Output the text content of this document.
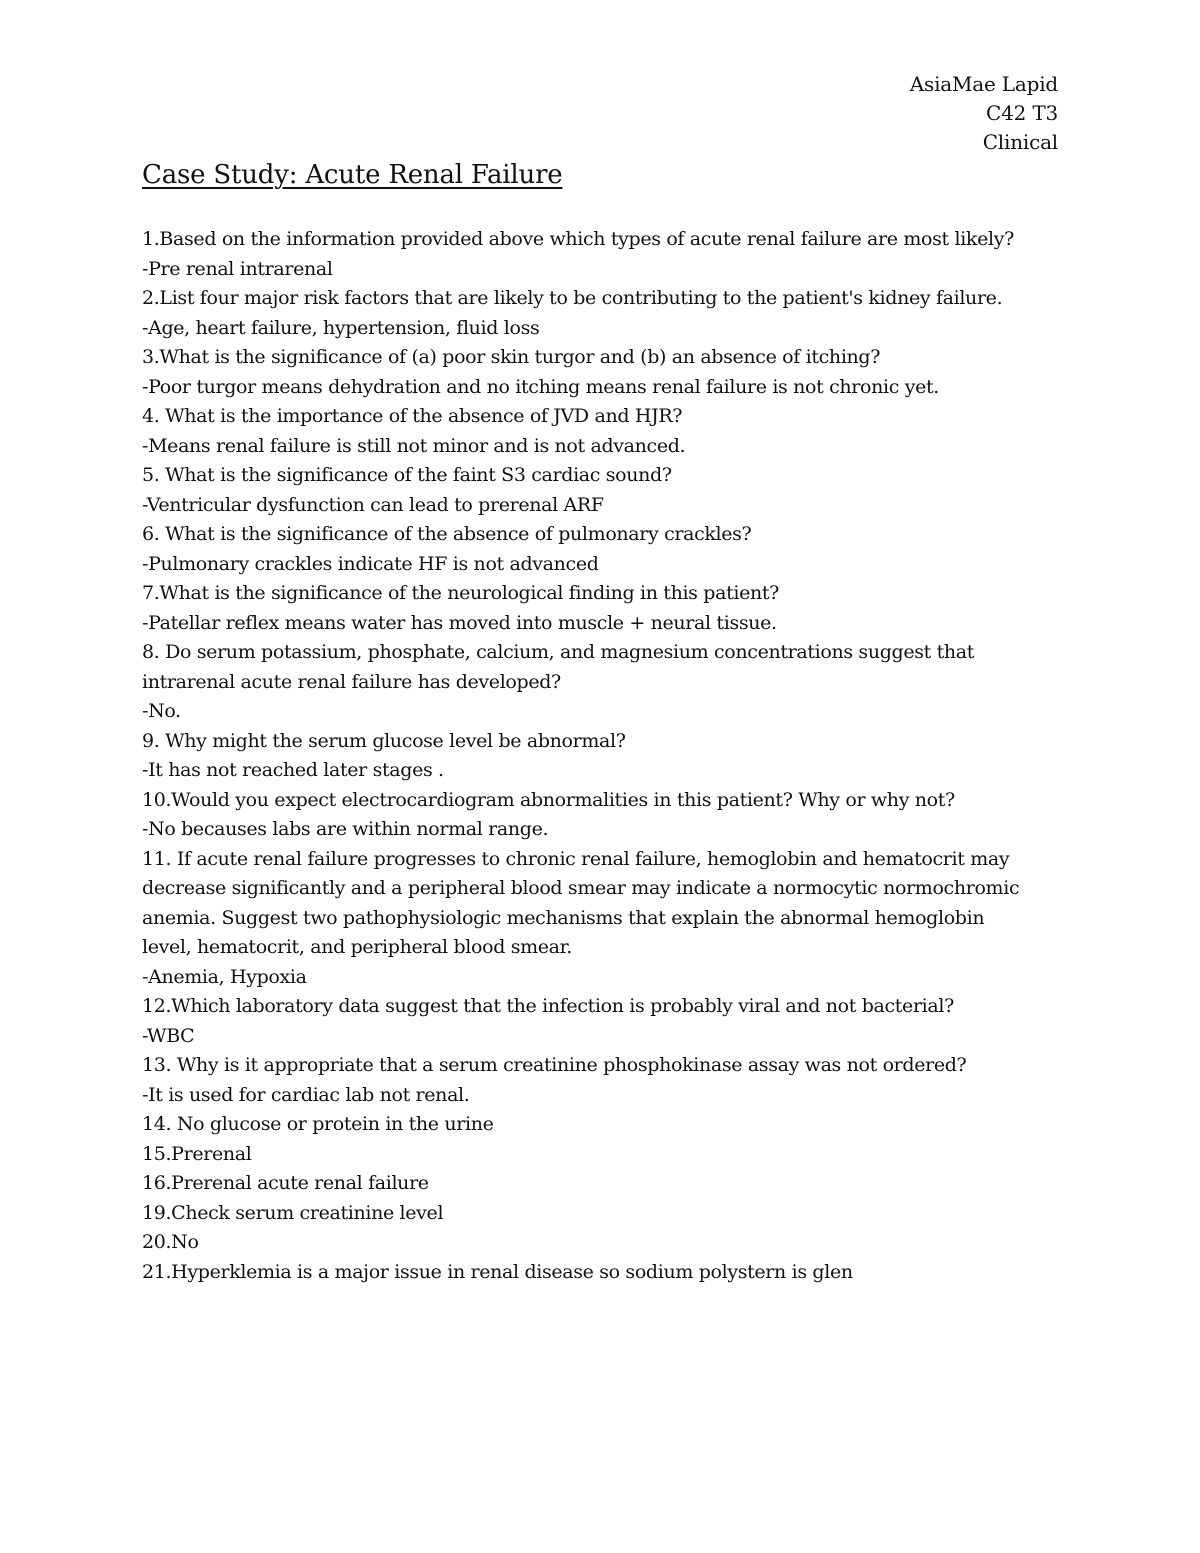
AsiaMae Lapid
C42 T3
Clinical
Case Study: Acute Renal Failure

1.Based on the information provided above which types of acute renal failure are most likely?

-Pre renal intrarenal

2.List four major risk factors that are likely to be contributing to the patient's kidney failure.

-Age, heart failure, hypertension, fluid loss

3.What is the significance of (a) poor skin turgor and (b) an absence of itching?

-Poor turgor means dehydration and no itching means renal failure is not chronic yet.

4. What is the importance of the absence of JVD and HJR?

-Means renal failure is still not minor and is not advanced.

5. What is the significance of the faint S3 cardiac sound?

-Ventricular dysfunction can lead to prerenal ARF

6. What is the significance of the absence of pulmonary crackles?

-Pulmonary crackles indicate HF is not advanced

7.What is the significance of the neurological finding in this patient?

-Patellar reflex means water has moved into muscle + neural tissue.

8. Do serum potassium, phosphate, calcium, and magnesium concentrations suggest that

intrarenal acute renal failure has developed?

-No.

9. Why might the serum glucose level be abnormal?

-It has not reached later stages .

10.Would you expect electrocardiogram abnormalities in this patient? Why or why not?

-No becauses labs are within normal range.

11. If acute renal failure progresses to chronic renal failure, hemoglobin and hematocrit may

decrease significantly and a peripheral blood smear may indicate a normocytic normochromic

anemia. Suggest two pathophysiologic mechanisms that explain the abnormal hemoglobin

level, hematocrit, and peripheral blood smear.

-Anemia, Hypoxia

12.Which laboratory data suggest that the infection is probably viral and not bacterial?

-WBC

13. Why is it appropriate that a serum creatinine phosphokinase assay was not ordered?

-It is used for cardiac lab not renal.

14. No glucose or protein in the urine

15.Prerenal

16.Prerenal acute renal failure

19.Check serum creatinine level

20.No

21.Hyperklemia is a major issue in renal disease so sodium polystern is glen
